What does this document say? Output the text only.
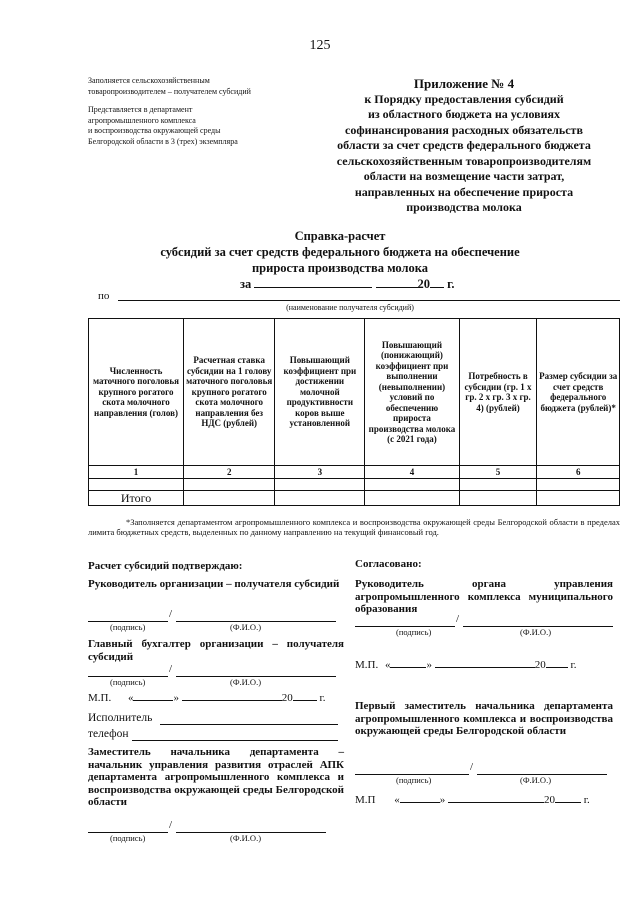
125

Заполняется сельскохозяйственным
товаропроизводителем – получателем субсидий

Представляется в департамент
агропромышленного комплекса
и воспроизводства окружающей среды
Белгородской области в 3 (трех) экземпляра

Приложение № 4
к Порядку предоставления субсидий
из областного бюджета на условиях
софинансирования расходных обязательств
области за счет средств федерального бюджета
сельскохозяйственным товаропроизводителям
области на возмещение части затрат,
направленных на обеспечение прироста
производства молока
Справка-расчет
субсидий за счет средств федерального бюджета на обеспечение
прироста производства молока
за	20 г.
по
(наименование получателя субсидий)
Численность маточного поголовья крупного рогатого скота молочного направления (голов)	Расчетная ставка субсидии на 1 голову маточного поголовья крупного рогатого скота молочного направления без НДС (рублей)	Повышающий коэффициент при достижении молочной продуктивности коров выше установленной	Повышающий (понижающий) коэффициент при выполнении (невыполнении) условий по обеспечению прироста производства молока (с 2021 года)	Потребность в субсидии (гр. 1 х гр. 2 х гр. 3 х гр. 4) (рублей)	Размер субсидии за счет средств федерального бюджета (рублей)*
1	2	3	4	5	6

Итого					
*Заполняется департаментом агропромышленного комплекса и воспроизводства окружающей среды Белгородской области в пределах лимита бюджетных средств, выделенных по данному направлению на текущий финансовый год.
Расчет субсидий подтверждаю:
Руководитель организации – получателя субсидий
/
(подпись)	(Ф.И.О.)
Главный бухгалтер организации – получателя субсидий
/
(подпись)	(Ф.И.О.)
М.П. «	»	20 г.
Исполнитель
телефон
Заместитель начальника департамента – начальник управления развития отраслей АПК департамента агропромышленного комплекса и воспроизводства окружающей среды Белгородской области
/
(подпись)	(Ф.И.О.)
Согласовано:
Руководитель органа управления агропромышленного комплекса муниципального образования
/
(подпись)	(Ф.И.О.)
М.П. «	»	20 г.
Первый заместитель начальника департамента агропромышленного комплекса и воспроизводства окружающей среды Белгородской области
/
(подпись)	(Ф.И.О.)
М.П «	»	20	г.
